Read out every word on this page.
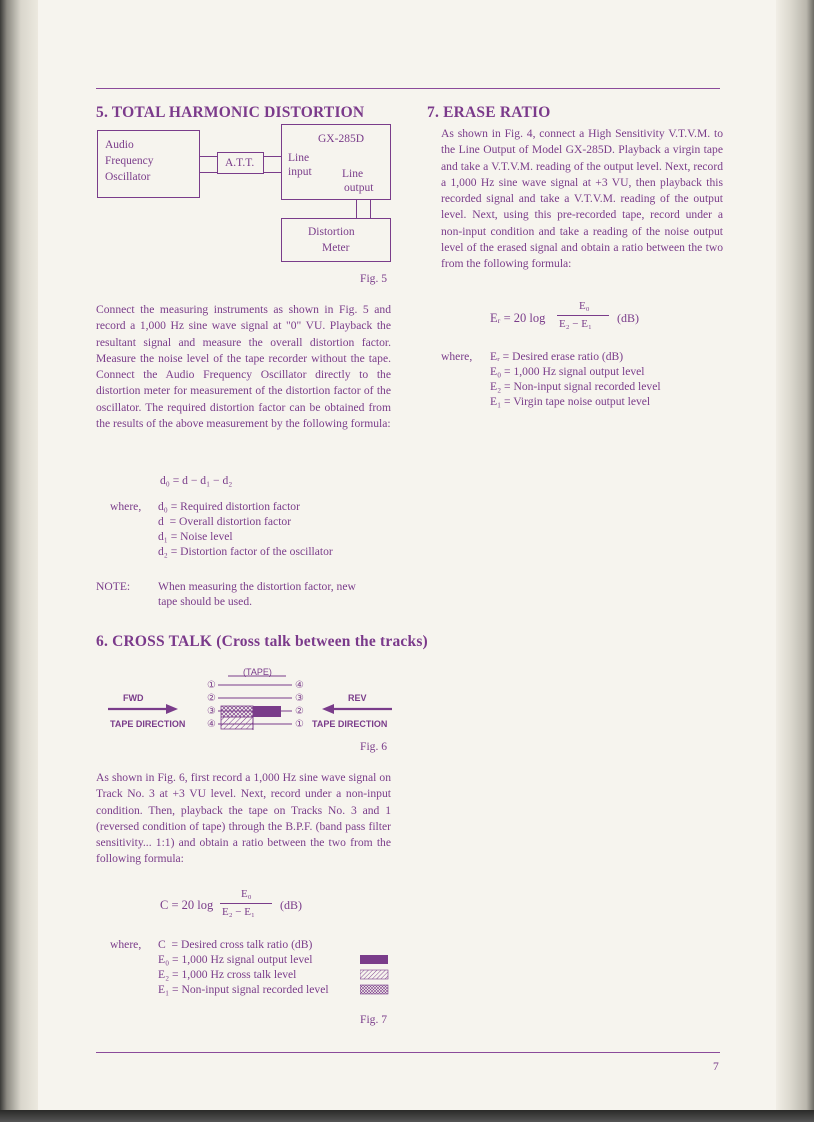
5. TOTAL HARMONIC DISTORTION
Audio
Frequency
Oscillator
A.T.T.
GX-285D
Line
input	Line
output
Distortion
Meter
Fig. 5

Connect the measuring instruments as shown in Fig. 5 and record a 1,000 Hz sine wave signal at "0" VU. Playback the resultant signal and measure the overall distortion factor. Measure the noise level of the tape recorder without the tape. Connect the Audio Frequency Oscillator directly to the distortion meter for measurement of the distortion factor of the oscillator. The required distortion factor can be obtained from the results of the above measurement by the following formula:

d₀ = d − d₁ − d₂
where, d₀ = Required distortion factor
d  = Overall distortion factor
d₁ = Noise level
d₂ = Distortion factor of the oscillator
NOTE: When measuring the distortion factor, new
tape should be used.
6. CROSS TALK (Cross talk between the tracks)
(TAPE)
①
②
③
④
④
③
②
①
FWD
TAPE DIRECTION
REV
TAPE DIRECTION
Fig. 6

As shown in Fig. 6, first record a 1,000 Hz sine wave signal on Track No. 3 at +3 VU level. Next, record under a non-input condition. Then, playback the tape on Tracks No. 3 and 1 (reversed condition of tape) through the B.P.F. (band pass filter sensitivity... 1:1) and obtain a ratio between the two from the following formula:

C = 20 log
E₀
E₂ − E₁ (dB)
where, C  = Desired cross talk ratio (dB)
E₀ = 1,000 Hz signal output level
E₂ = 1,000 Hz cross talk level
E₁ = Non-input signal recorded level
Fig. 7
7. ERASE RATIO

As shown in Fig. 4, connect a High Sensitivity V.T.V.M. to the Line Output of Model GX-285D. Playback a virgin tape and take a V.T.V.M. reading of the output level. Next, record a 1,000 Hz sine wave signal at +3 VU, then playback this recorded signal and take a V.T.V.M. reading of the output level. Next, using this pre-recorded tape, record under a non-input condition and take a reading of the noise output level of the erased signal and obtain a ratio between the two from the following formula:

Eᵣ = 20 log
E₀
E₂ − E₁ (dB)
where, Eᵣ = Desired erase ratio (dB)
E₀ = 1,000 Hz signal output level
E₂ = Non-input signal recorded level
E₁ = Virgin tape noise output level
7
